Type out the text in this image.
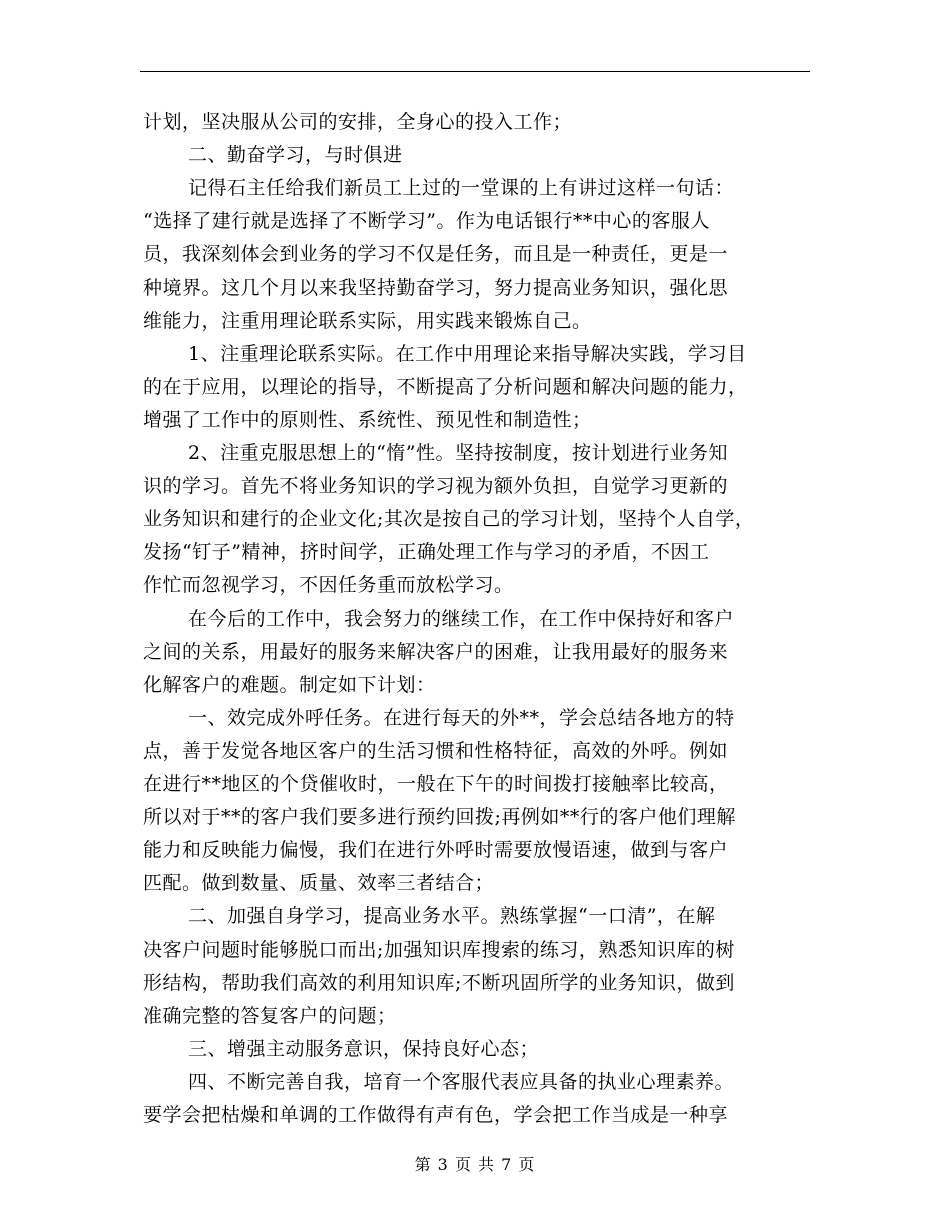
计划，坚决服从公司的安排，全身心的投入工作；
二、勤奋学习，与时俱进
记得石主任给我们新员工上过的一堂课的上有讲过这样一句话：
“选择了建行就是选择了不断学习”。作为电话银行**中心的客服人
员，我深刻体会到业务的学习不仅是任务，而且是一种责任，更是一
种境界。这几个月以来我坚持勤奋学习，努力提高业务知识，强化思
维能力，注重用理论联系实际，用实践来锻炼自己。
1、注重理论联系实际。在工作中用理论来指导解决实践，学习目
的在于应用，以理论的指导，不断提高了分析问题和解决问题的能力，
增强了工作中的原则性、系统性、预见性和制造性；
2、注重克服思想上的“惰”性。坚持按制度，按计划进行业务知
识的学习。首先不将业务知识的学习视为额外负担，自觉学习更新的
业务知识和建行的企业文化;其次是按自己的学习计划，坚持个人自学，
发扬“钉子”精神，挤时间学，正确处理工作与学习的矛盾，不因工
作忙而忽视学习，不因任务重而放松学习。
在今后的工作中，我会努力的继续工作，在工作中保持好和客户
之间的关系，用最好的服务来解决客户的困难，让我用最好的服务来
化解客户的难题。制定如下计划：
一、效完成外呼任务。在进行每天的外**，学会总结各地方的特
点，善于发觉各地区客户的生活习惯和性格特征，高效的外呼。例如
在进行**地区的个贷催收时，一般在下午的时间拨打接触率比较高，
所以对于**的客户我们要多进行预约回拨;再例如**行的客户他们理解
能力和反映能力偏慢，我们在进行外呼时需要放慢语速，做到与客户
匹配。做到数量、质量、效率三者结合；
二、加强自身学习，提高业务水平。熟练掌握“一口清”，在解
决客户问题时能够脱口而出;加强知识库搜索的练习，熟悉知识库的树
形结构，帮助我们高效的利用知识库;不断巩固所学的业务知识，做到
准确完整的答复客户的问题；
三、增强主动服务意识，保持良好心态；
四、不断完善自我，培育一个客服代表应具备的执业心理素养。
要学会把枯燥和单调的工作做得有声有色，学会把工作当成是一种享
第 3 页 共 7 页
